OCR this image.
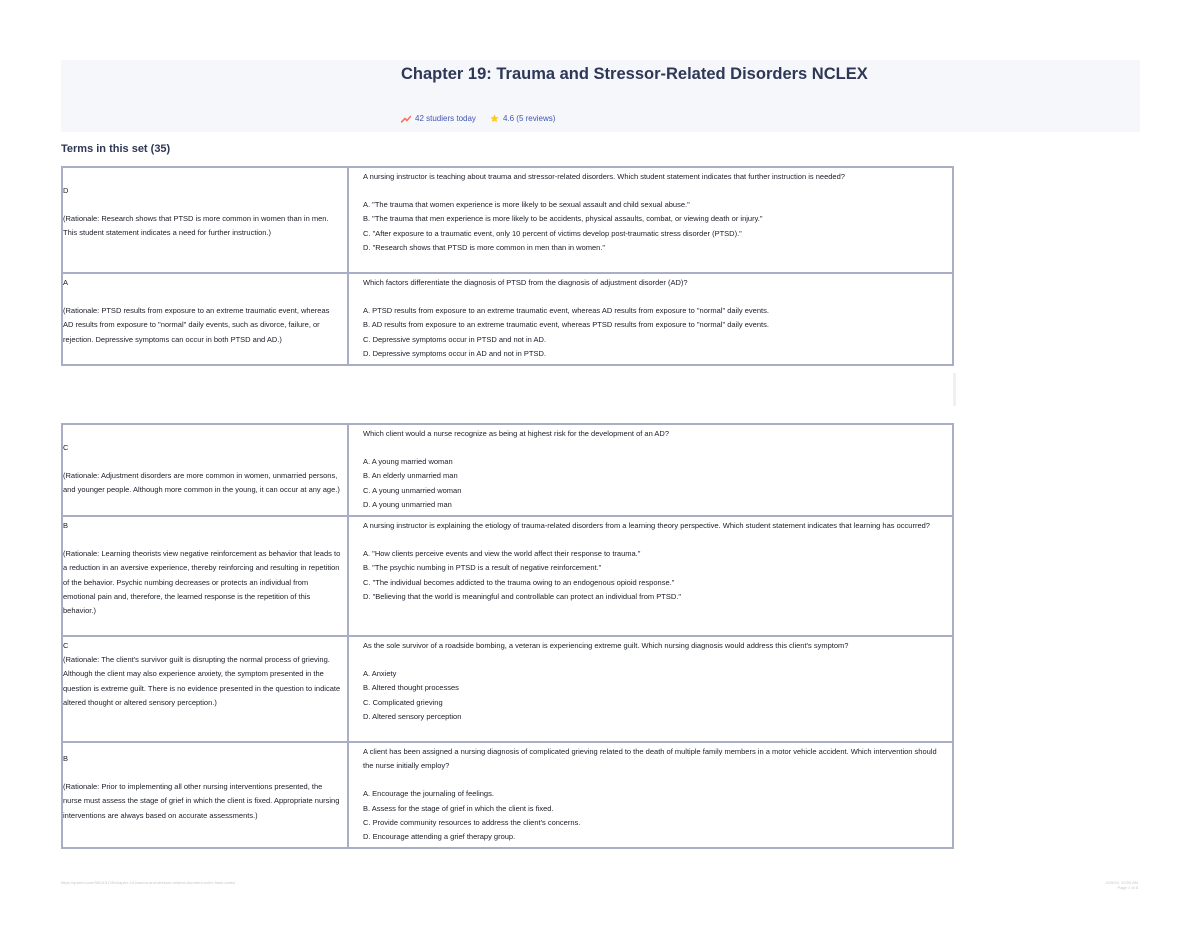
Chapter 19: Trauma and Stressor-Related Disorders NCLEX
42 studiers today	4.6 (5 reviews)
Terms in this set (35)

D

(Rationale: Research shows that PTSD is more common in women than in men. This student statement indicates a need for further instruction.)

A nursing instructor is teaching about trauma and stressor-related disorders. Which student statement indicates that further instruction is needed?

A. "The trauma that women experience is more likely to be sexual assault and child sexual abuse."
B. "The trauma that men experience is more likely to be accidents, physical assaults, combat, or viewing death or injury."
C. "After exposure to a traumatic event, only 10 percent of victims develop post-traumatic stress disorder (PTSD)."
D. "Research shows that PTSD is more common in men than in women."

A

(Rationale: PTSD results from exposure to an extreme traumatic event, whereas AD results from exposure to "normal" daily events, such as divorce, failure, or rejection. Depressive symptoms can occur in both PTSD and AD.)

Which factors differentiate the diagnosis of PTSD from the diagnosis of adjustment disorder (AD)?

A. PTSD results from exposure to an extreme traumatic event, whereas AD results from exposure to "normal" daily events.
B. AD results from exposure to an extreme traumatic event, whereas PTSD results from exposure to "normal" daily events.
C. Depressive symptoms occur in PTSD and not in AD.
D. Depressive symptoms occur in AD and not in PTSD.

C

(Rationale: Adjustment disorders are more common in women, unmarried persons, and younger people. Although more common in the young, it can occur at any age.)

Which client would a nurse recognize as being at highest risk for the development of an AD?

A. A young married woman
B. An elderly unmarried man
C. A young unmarried woman
D. A young unmarried man

B

(Rationale: Learning theorists view negative reinforcement as behavior that leads to a reduction in an aversive experience, thereby reinforcing and resulting in repetition of the behavior. Psychic numbing decreases or protects an individual from emotional pain and, therefore, the learned response is the repetition of this behavior.)

A nursing instructor is explaining the etiology of trauma-related disorders from a learning theory perspective. Which student statement indicates that learning has occurred?

A. "How clients perceive events and view the world affect their response to trauma."
B. "The psychic numbing in PTSD is a result of negative reinforcement."
C. "The individual becomes addicted to the trauma owing to an endogenous opioid response."
D. "Believing that the world is meaningful and controllable can protect an individual from PTSD."

C

(Rationale: The client's survivor guilt is disrupting the normal process of grieving. Although the client may also experience anxiety, the symptom presented in the question is extreme guilt. There is no evidence presented in the question to indicate altered thought or altered sensory perception.)

As the sole survivor of a roadside bombing, a veteran is experiencing extreme guilt. Which nursing diagnosis would address this client's symptom?

A. Anxiety
B. Altered thought processes
C. Complicated grieving
D. Altered sensory perception

B

(Rationale: Prior to implementing all other nursing interventions presented, the nurse must assess the stage of grief in which the client is fixed. Appropriate nursing interventions are always based on accurate assessments.)

A client has been assigned a nursing diagnosis of complicated grieving related to the death of multiple family members in a motor vehicle accident. Which intervention should the nurse initially employ?

A. Encourage the journaling of feelings.
B. Assess for the stage of grief in which the client is fixed.
C. Provide community resources to address the client's concerns.
D. Encourage attending a grief therapy group.
https://quizlet.com/381115178/chapter-19-trauma-and-stressor-related-disorders-nclex-flash-cards/	4/25/19, 10:59 AM
Page 1 of 8
